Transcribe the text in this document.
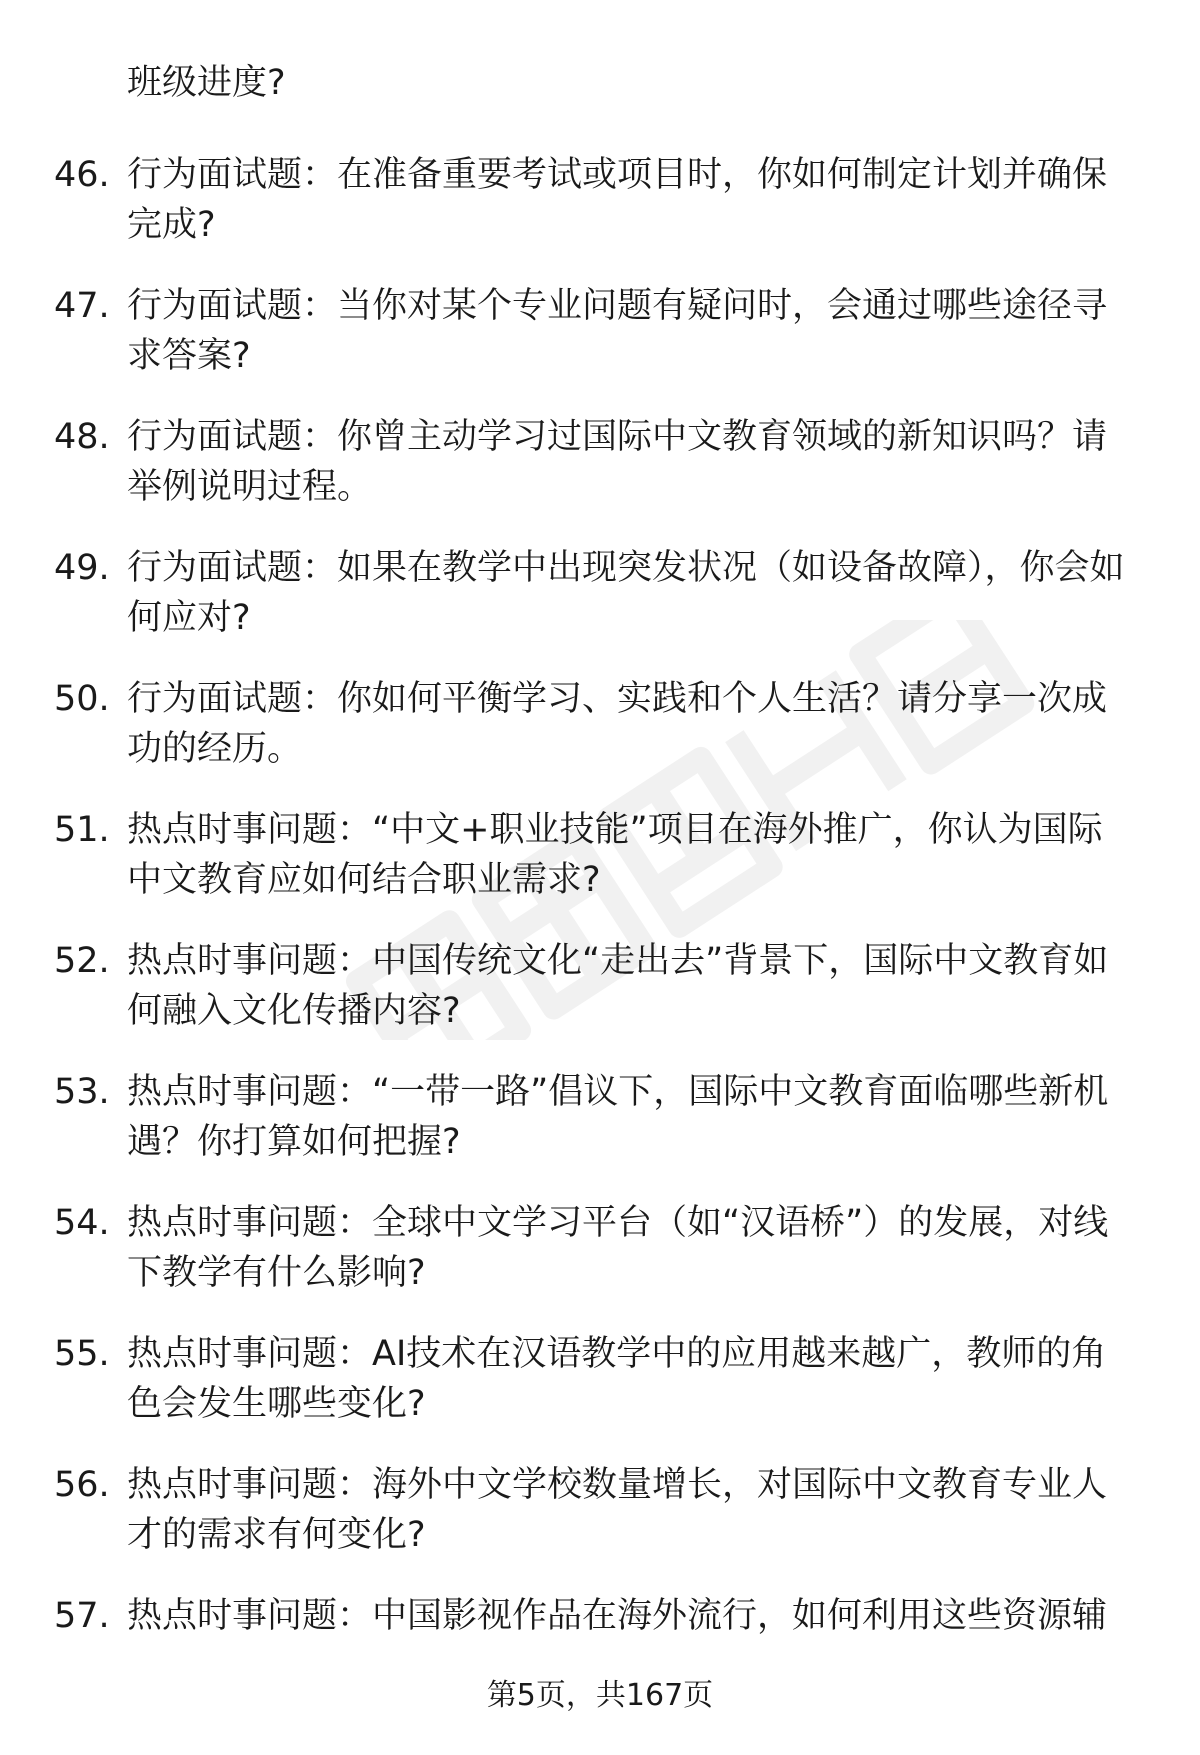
班级进度?
46. 行为面试题：在准备重要考试或项目时，你如何制定计划并确保完成?
47. 行为面试题：当你对某个专业问题有疑问时，会通过哪些途径寻求答案?
48. 行为面试题：你曾主动学习过国际中文教育领域的新知识吗？请举例说明过程。
49. 行为面试题：如果在教学中出现突发状况（如设备故障），你会如何应对?
50. 行为面试题：你如何平衡学习、实践和个人生活？请分享一次成功的经历。
51. 热点时事问题：“中文+职业技能”项目在海外推广，你认为国际中文教育应如何结合职业需求?
52. 热点时事问题：中国传统文化“走出去”背景下，国际中文教育如何融入文化传播内容?
53. 热点时事问题：“一带一路”倡议下，国际中文教育面临哪些新机遇？你打算如何把握?
54. 热点时事问题：全球中文学习平台（如“汉语桥”）的发展，对线下教学有什么影响?
55. 热点时事问题：AI技术在汉语教学中的应用越来越广，教师的角色会发生哪些变化?
56. 热点时事问题：海外中文学校数量增长，对国际中文教育专业人才的需求有何变化?
57. 热点时事问题：中国影视作品在海外流行，如何利用这些资源辅
第5页，共167页
